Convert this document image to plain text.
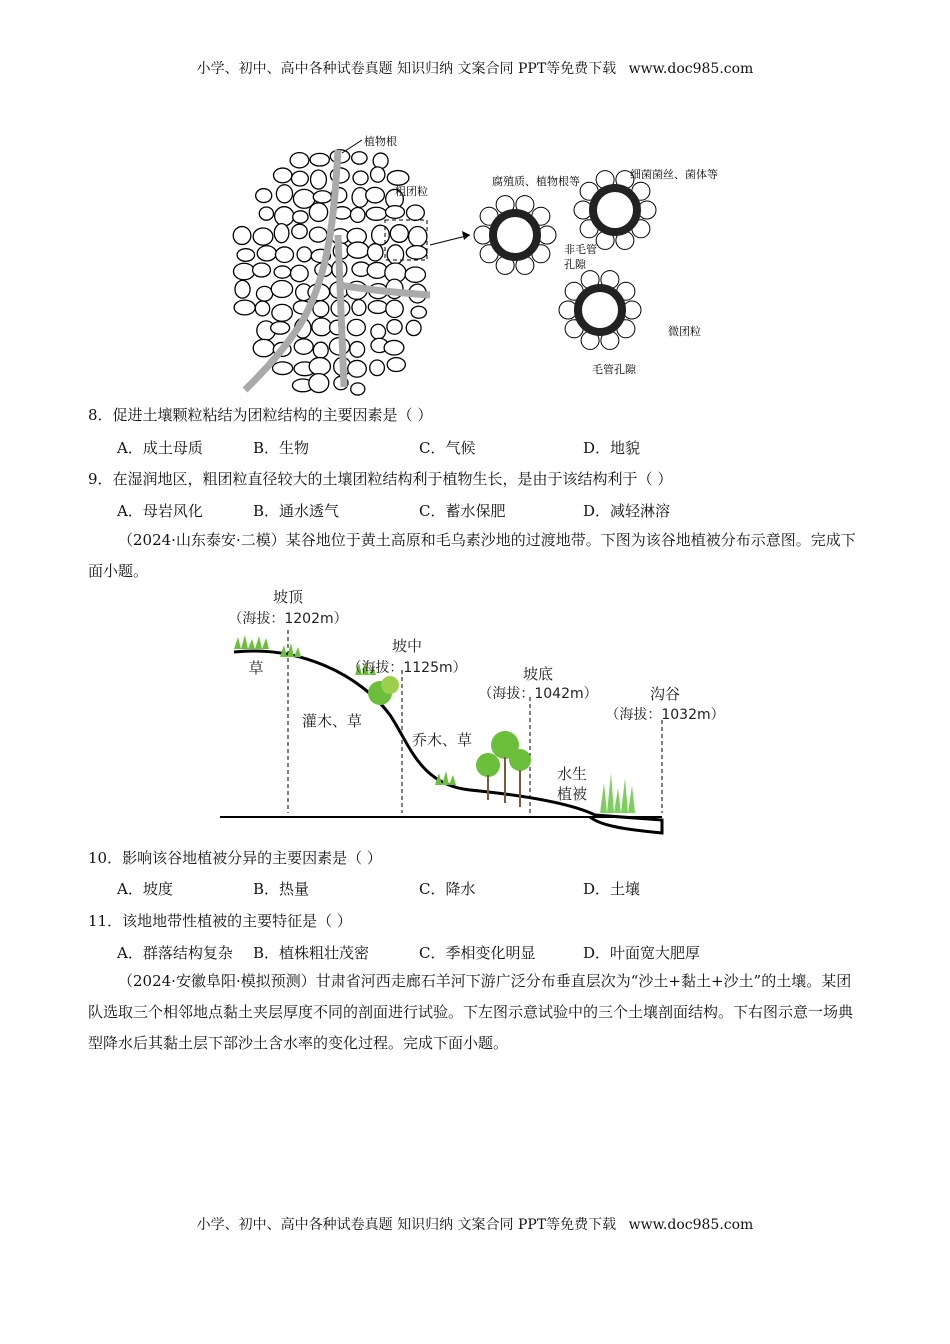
小学、初中、高中各种试卷真题 知识归纳 文案合同 PPT等免费下载 www.doc985.com
植物根
粗团粒
腐殖质、植物根等
细菌菌丝、菌体等
非毛管
孔隙
微团粒
毛管孔隙
8．促进土壤颗粒粘结为团粒结构的主要因素是（ ）
A．成土母质	B．生物	C．气候	D．地貌
9．在湿润地区，粗团粒直径较大的土壤团粒结构利于植物生长，是由于该结构利于（ ）
A．母岩风化	B．通水透气	C．蓄水保肥	D．减轻淋溶
（2024·山东泰安·二模）某谷地位于黄土高原和毛乌素沙地的过渡地带。下图为该谷地植被分布示意图。完成下面小题。
坡顶
（海拔：1202m）
坡中
（海拔：1125m）	坡底
（海拔：1042m）	沟谷
（海拔：1032m）
草
灌木、草
乔木、草
水生
植被
10．影响该谷地植被分异的主要因素是（ ）
A．坡度	B．热量	C．降水	D．土壤
11．该地地带性植被的主要特征是（ ）
A．群落结构复杂 B．植株粗壮茂密	C．季相变化明显	D．叶面宽大肥厚
（2024·安徽阜阳·模拟预测）甘肃省河西走廊石羊河下游广泛分布垂直层次为“沙土+黏土+沙土”的土壤。某团队选取三个相邻地点黏土夹层厚度不同的剖面进行试验。下左图示意试验中的三个土壤剖面结构。下右图示意一场典型降水后其黏土层下部沙土含水率的变化过程。完成下面小题。
小学、初中、高中各种试卷真题 知识归纳 文案合同 PPT等免费下载 www.doc985.com
